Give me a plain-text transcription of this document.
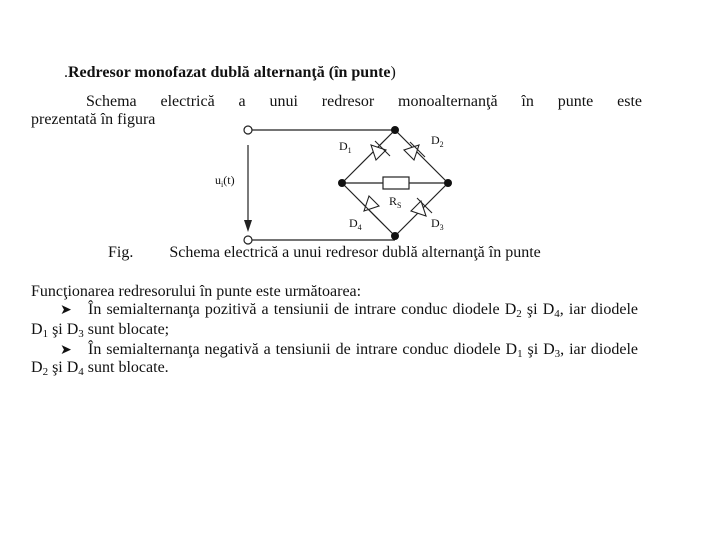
.Redresor monofazat dublă alternanţă (în punte)
Schema electrică a unui redresor monoalternanţă în punte este
prezentată în figura
$u_i(t)$
$D_1$
$D_2$
$R_S$
$D_4$	$D_3$
Fig. Schema electrică a unui redresor dublă alternanţă în punte
Funcţionarea redresorului în punte este următoarea:
➤ În semialternanţa pozitivă a tensiunii de intrare conduc diodele $D_2$ şi $D_4$, iar diodele
$D_1$ şi $D_3$ sunt blocate;
➤ În semialternanţa negativă a tensiunii de intrare conduc diodele $D_1$ şi $D_3$, iar diodele
$D_2$ şi $D_4$ sunt blocate.
